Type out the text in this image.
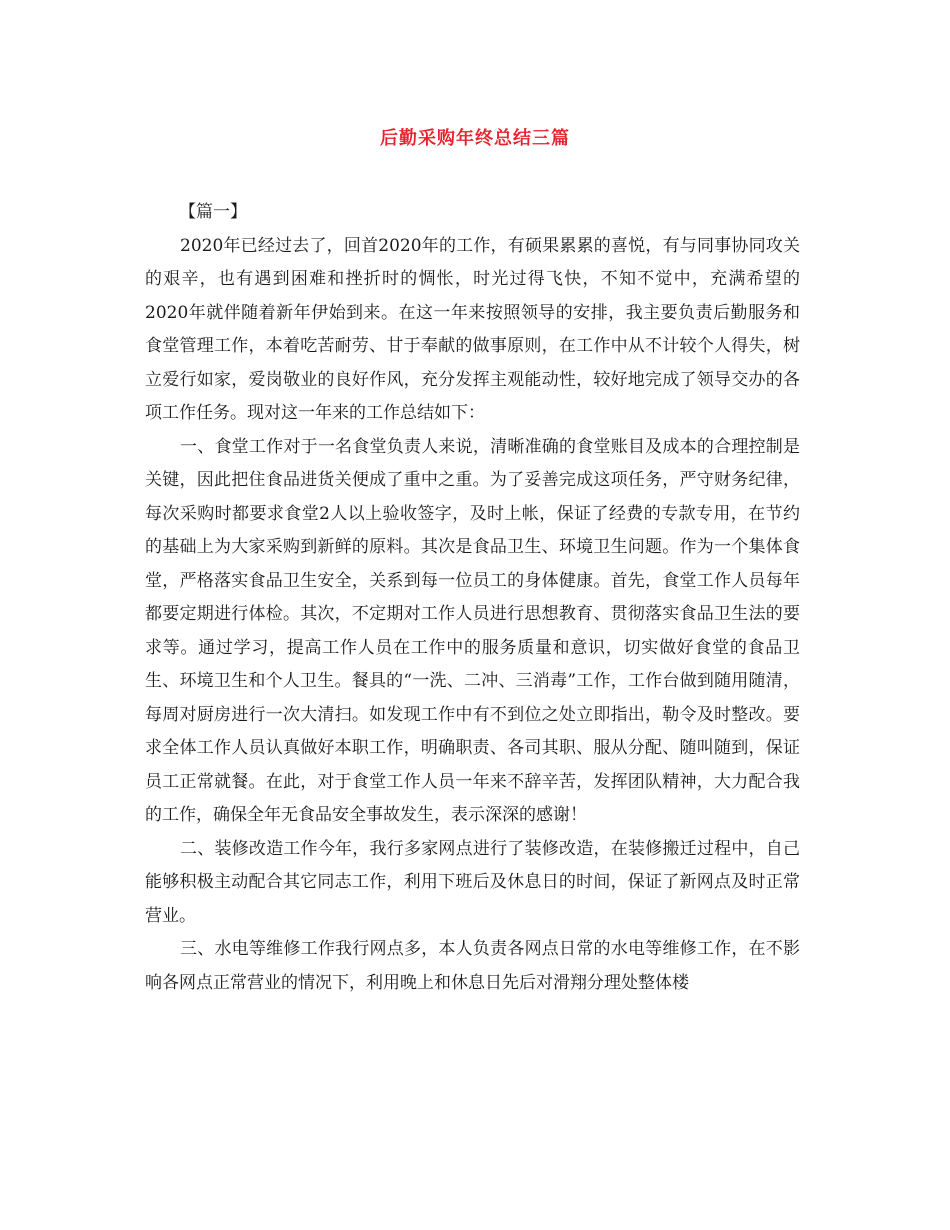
后勤采购年终总结三篇

【篇一】

2020年已经过去了，回首2020年的工作，有硕果累累的喜悦，有与同事协同攻关的艰辛，也有遇到困难和挫折时的惆怅，时光过得飞快，不知不觉中，充满希望的2020年就伴随着新年伊始到来。在这一年来按照领导的安排，我主要负责后勤服务和食堂管理工作，本着吃苦耐劳、甘于奉献的做事原则，在工作中从不计较个人得失，树立爱行如家，爱岗敬业的良好作风，充分发挥主观能动性，较好地完成了领导交办的各项工作任务。现对这一年来的工作总结如下：

一、食堂工作对于一名食堂负责人来说，清晰准确的食堂账目及成本的合理控制是关键，因此把住食品进货关便成了重中之重。为了妥善完成这项任务，严守财务纪律，每次采购时都要求食堂2人以上验收签字，及时上帐，保证了经费的专款专用，在节约的基础上为大家采购到新鲜的原料。其次是食品卫生、环境卫生问题。作为一个集体食堂，严格落实食品卫生安全，关系到每一位员工的身体健康。首先，食堂工作人员每年都要定期进行体检。其次，不定期对工作人员进行思想教育、贯彻落实食品卫生法的要求等。通过学习，提高工作人员在工作中的服务质量和意识，切实做好食堂的食品卫生、环境卫生和个人卫生。餐具的“一洗、二冲、三消毒”工作，工作台做到随用随清，每周对厨房进行一次大清扫。如发现工作中有不到位之处立即指出，勒令及时整改。要求全体工作人员认真做好本职工作，明确职责、各司其职、服从分配、随叫随到，保证员工正常就餐。在此，对于食堂工作人员一年来不辞辛苦，发挥团队精神，大力配合我的工作，确保全年无食品安全事故发生，表示深深的感谢！

二、装修改造工作今年，我行多家网点进行了装修改造，在装修搬迁过程中，自己能够积极主动配合其它同志工作，利用下班后及休息日的时间，保证了新网点及时正常营业。

三、水电等维修工作我行网点多，本人负责各网点日常的水电等维修工作，在不影响各网点正常营业的情况下，利用晚上和休息日先后对滑翔分理处整体楼
